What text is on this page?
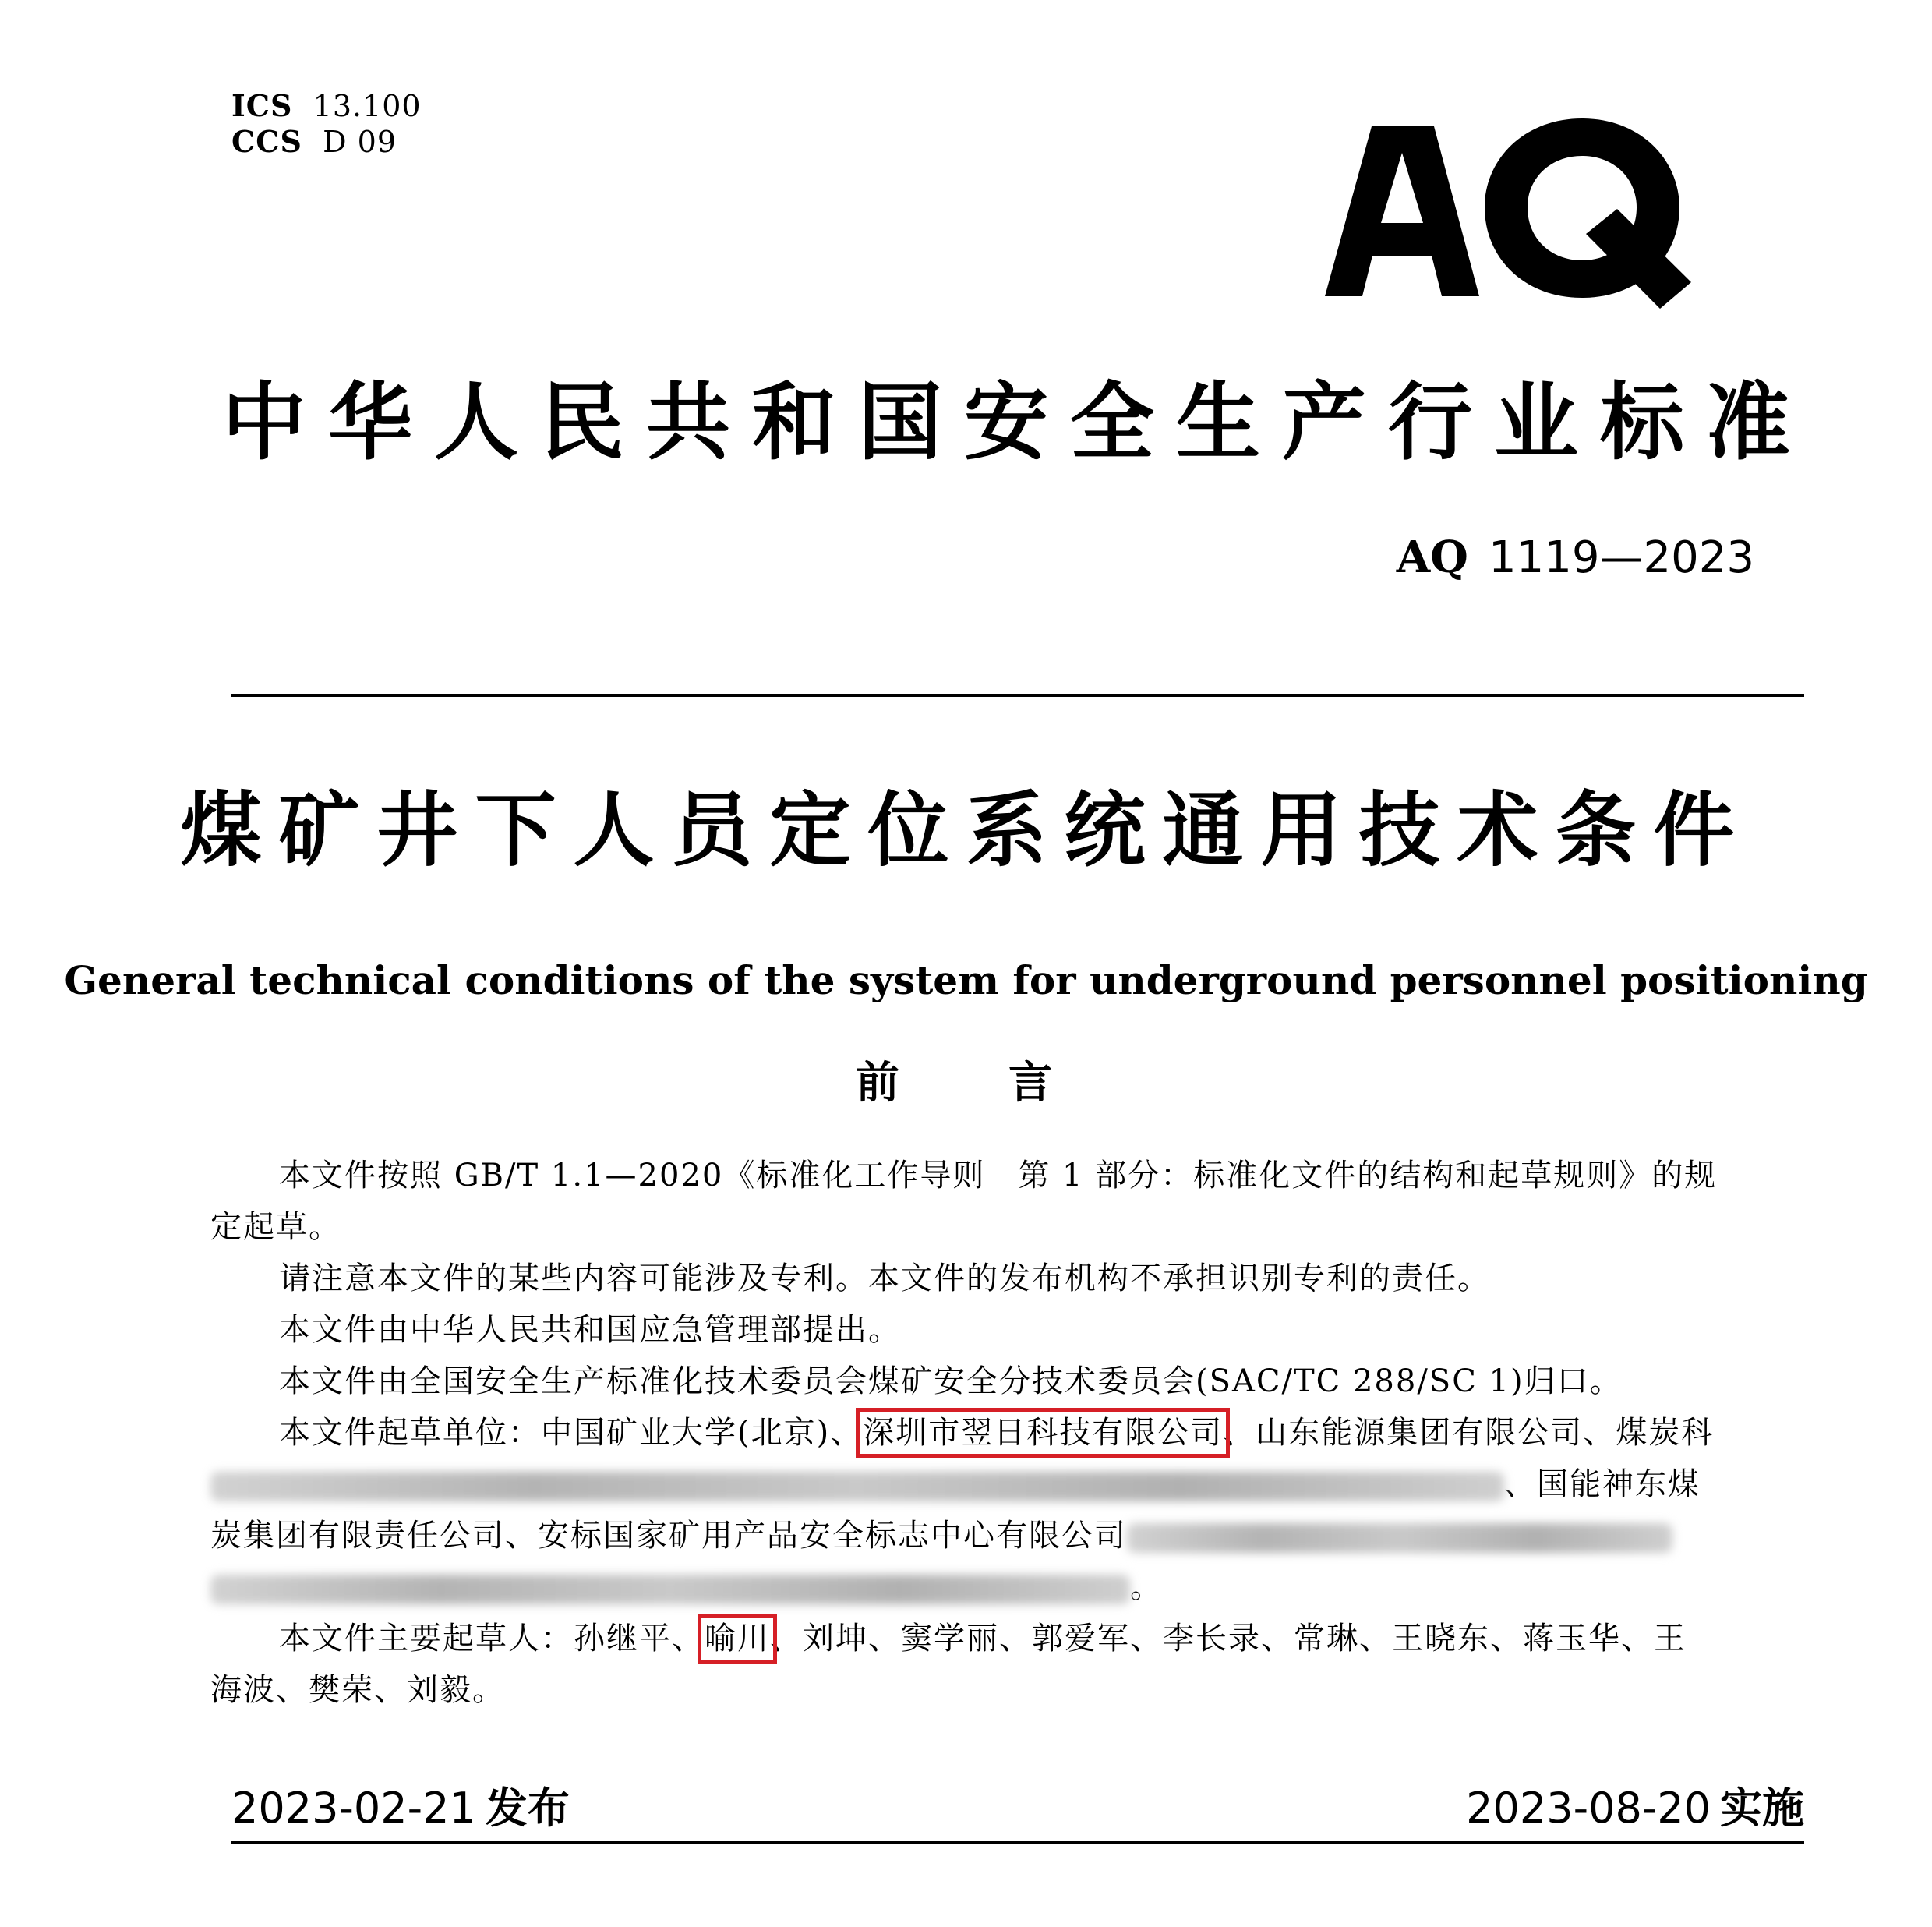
ICS 13.100
CCS D 09
中华人民共和国安全生产行业标准
AQ 1119—2023
煤矿井下人员定位系统通用技术条件
General technical conditions of the system for underground personnel positioning
前言

本文件按照 GB/T 1.1—2020《标准化工作导则　第 1 部分：标准化文件的结构和起草规则》的规定起草。

请注意本文件的某些内容可能涉及专利。本文件的发布机构不承担识别专利的责任。

本文件由中华人民共和国应急管理部提出。

本文件由全国安全生产标准化技术委员会煤矿安全分技术委员会(SAC/TC 288/SC 1)归口。

本文件起草单位：中国矿业大学(北京)、深圳市翌日科技有限公司、山东能源集团有限公司、煤炭科、国能神东煤炭集团有限责任公司、安标国家矿用产品安全标志中心有限公司。

本文件主要起草人：孙继平、喻川、刘坤、窦学丽、郭爱军、李长录、常琳、王晓东、蒋玉华、王海波、樊荣、刘毅。

2023-02-21 发布	2023-08-20 实施
